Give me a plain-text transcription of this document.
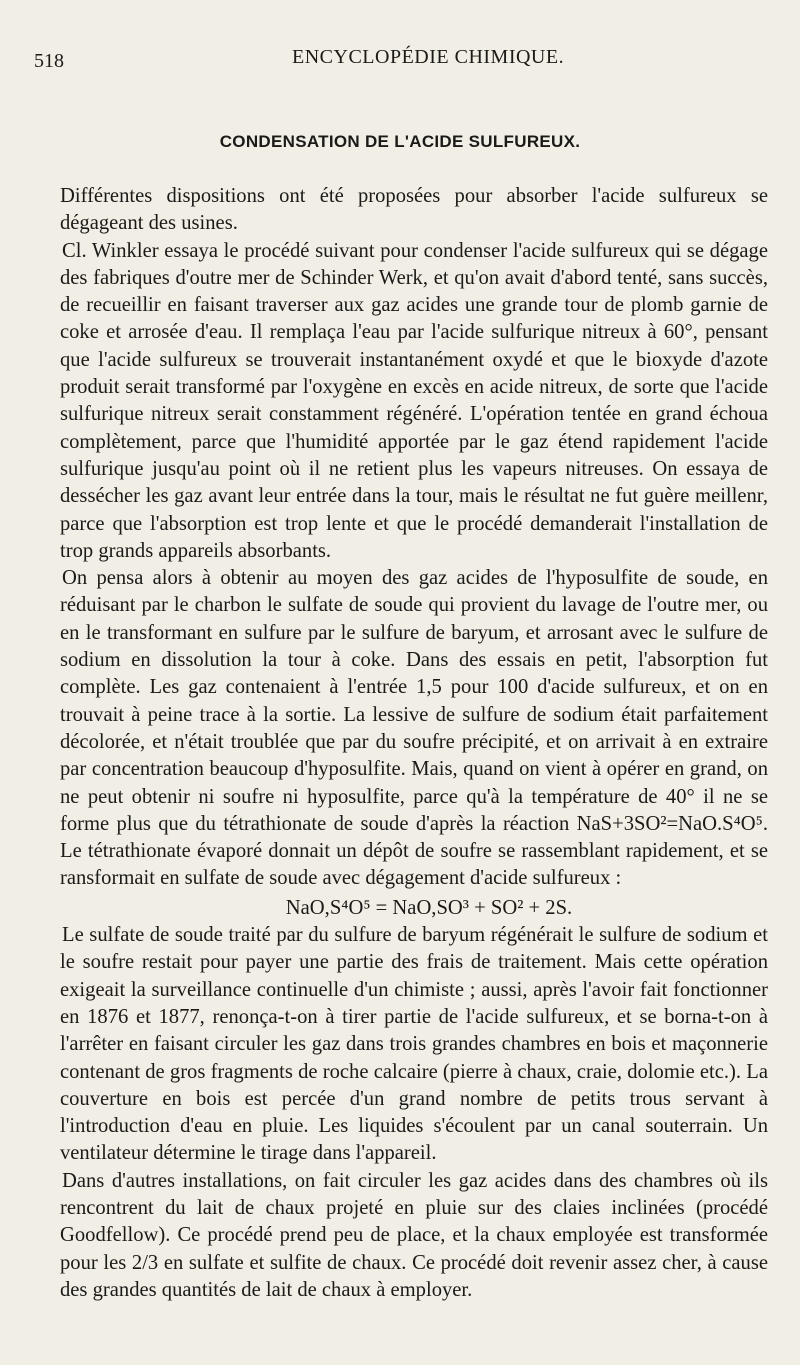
518	ENCYCLOPÉDIE CHIMIQUE.
CONDENSATION DE L'ACIDE SULFUREUX.

Différentes dispositions ont été proposées pour absorber l'acide sulfureux se dégageant des usines.

Cl. Winkler essaya le procédé suivant pour condenser l'acide sulfureux qui se dégage des fabriques d'outre mer de Schinder Werk, et qu'on avait d'abord tenté, sans succès, de recueillir en faisant traverser aux gaz acides une grande tour de plomb garnie de coke et arrosée d'eau. Il remplaça l'eau par l'acide sulfurique nitreux à 60°, pensant que l'acide sulfureux se trouverait instantanément oxydé et que le bioxyde d'azote produit serait transformé par l'oxygène en excès en acide nitreux, de sorte que l'acide sulfurique nitreux serait constamment régénéré. L'opération tentée en grand échoua complètement, parce que l'humidité apportée par le gaz étend rapidement l'acide sulfurique jusqu'au point où il ne retient plus les vapeurs nitreuses. On essaya de dessécher les gaz avant leur entrée dans la tour, mais le résultat ne fut guère meillenr, parce que l'absorption est trop lente et que le procédé demanderait l'installation de trop grands appareils absorbants.

On pensa alors à obtenir au moyen des gaz acides de l'hyposulfite de soude, en réduisant par le charbon le sulfate de soude qui provient du lavage de l'outre mer, ou en le transformant en sulfure par le sulfure de baryum, et arrosant avec le sulfure de sodium en dissolution la tour à coke. Dans des essais en petit, l'absorption fut complète. Les gaz contenaient à l'entrée 1,5 pour 100 d'acide sulfureux, et on en trouvait à peine trace à la sortie. La lessive de sulfure de sodium était parfaitement décolorée, et n'était troublée que par du soufre précipité, et on arrivait à en extraire par concentration beaucoup d'hyposulfite. Mais, quand on vient à opérer en grand, on ne peut obtenir ni soufre ni hyposulfite, parce qu'à la température de 40° il ne se forme plus que du tétrathionate de soude d'après la réaction NaS+3SO²=NaO.S⁴O⁵. Le tétrathionate évaporé donnait un dépôt de soufre se rassemblant rapidement, et se ransformait en sulfate de soude avec dégagement d'acide sulfureux :

NaO,S⁴O⁵ = NaO,SO³ + SO² + 2S.

Le sulfate de soude traité par du sulfure de baryum régénérait le sulfure de sodium et le soufre restait pour payer une partie des frais de traitement. Mais cette opération exigeait la surveillance continuelle d'un chimiste ; aussi, après l'avoir fait fonctionner en 1876 et 1877, renonça-t-on à tirer partie de l'acide sulfureux, et se borna-t-on à l'arrêter en faisant circuler les gaz dans trois grandes chambres en bois et maçonnerie contenant de gros fragments de roche calcaire (pierre à chaux, craie, dolomie etc.). La couverture en bois est percée d'un grand nombre de petits trous servant à l'introduction d'eau en pluie. Les liquides s'écoulent par un canal souterrain. Un ventilateur détermine le tirage dans l'appareil.

Dans d'autres installations, on fait circuler les gaz acides dans des chambres où ils rencontrent du lait de chaux projeté en pluie sur des claies inclinées (procédé Goodfellow). Ce procédé prend peu de place, et la chaux employée est transformée pour les 2/3 en sulfate et sulfite de chaux. Ce procédé doit revenir assez cher, à cause des grandes quantités de lait de chaux à employer.
